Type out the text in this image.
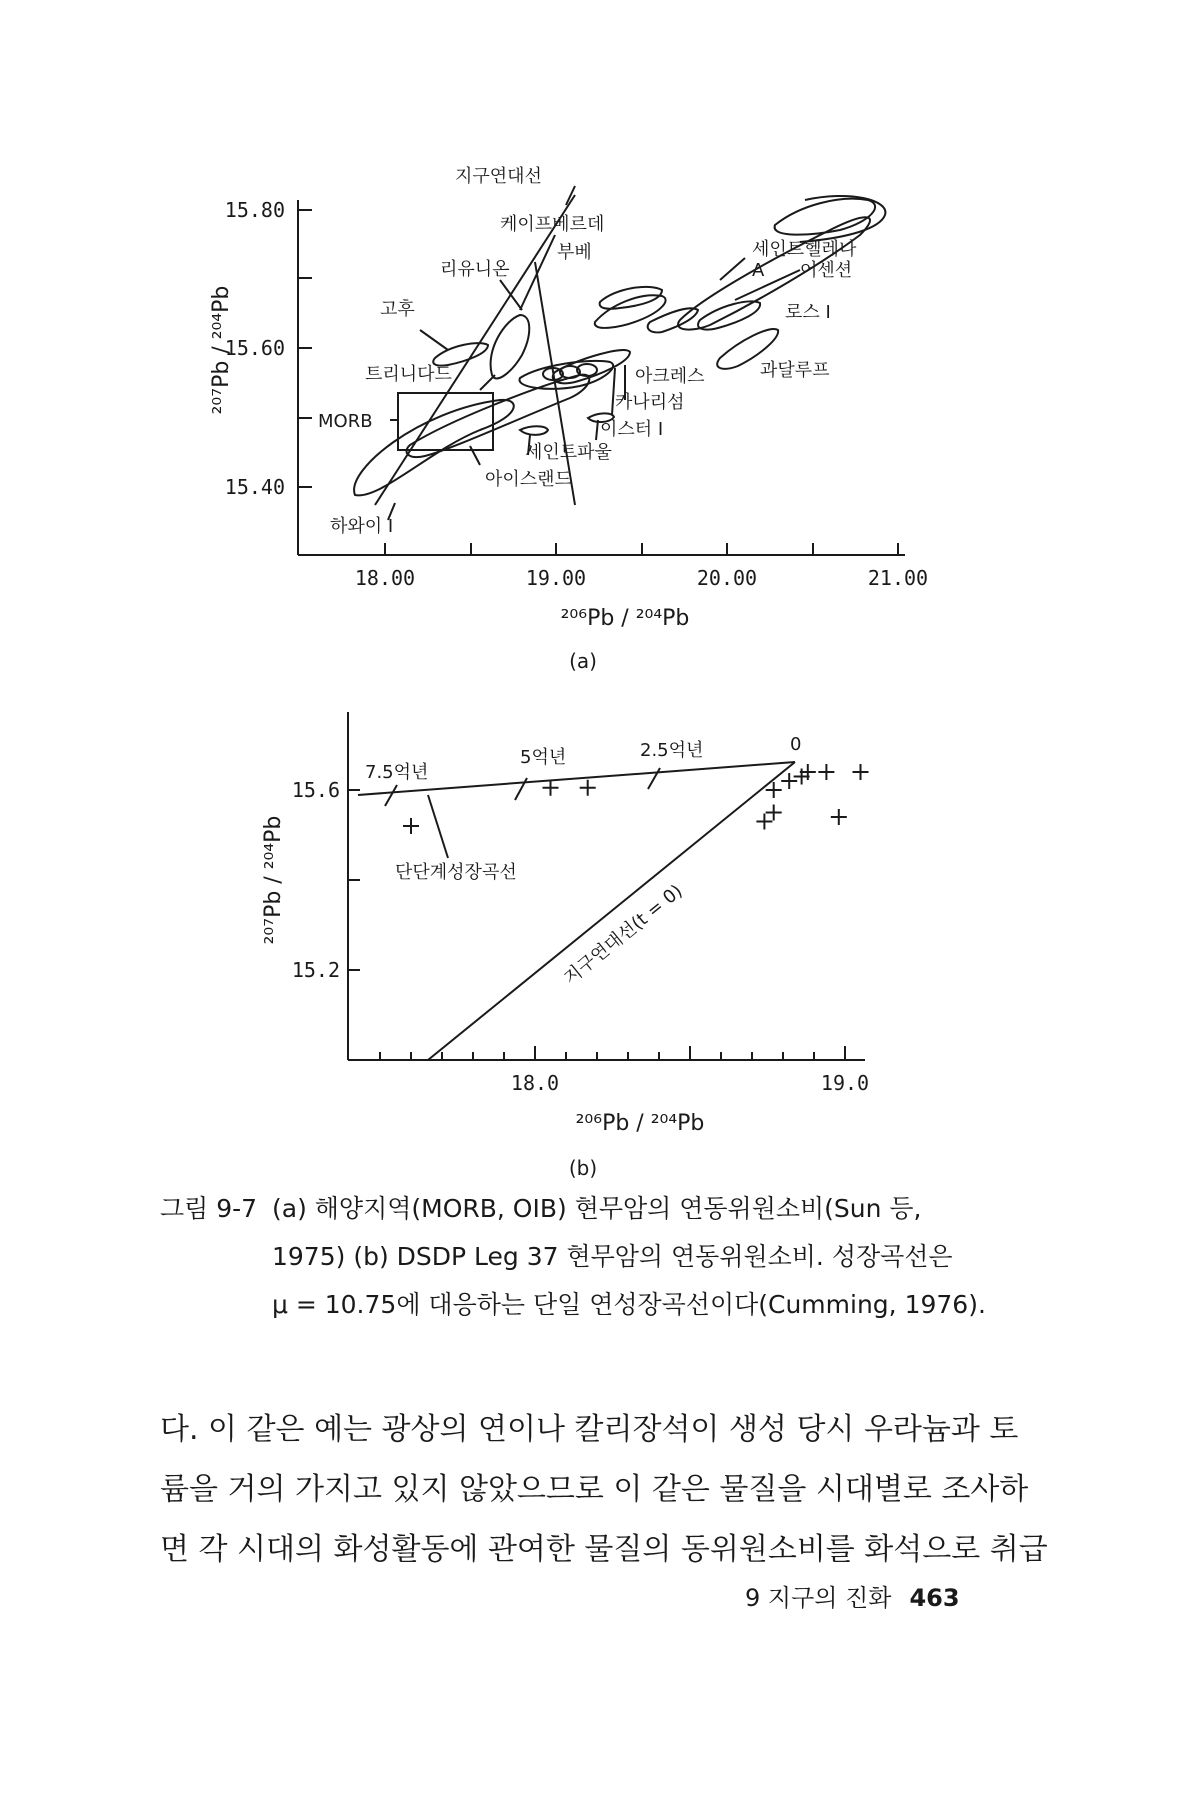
15.80
15.60
15.40
18.00	19.00	20.00	21.00
²⁰⁷Pb / ²⁰⁴Pb
²⁰⁶Pb / ²⁰⁴Pb
(a)
지구연대선
케이프베르데
부베
리유니온
고후
트리니다드
MORB
세인트헬레나
A 어센션
로스 I
아크레스	과달루프
카나리섬
이스터 I
세인트파울
아이스랜드
하와이 I
15.6
15.2
18.0	19.0
²⁰⁷Pb / ²⁰⁴Pb
²⁰⁶Pb / ²⁰⁴Pb
(b)
7.5억년
5억년	2.5억년	0
단단계성장곡선
지구연대선(t = 0)
그림 9-7 (a) 해양지역(MORB, OIB) 현무암의 연동위원소비(Sun 등,
1975) (b) DSDP Leg 37 현무암의 연동위원소비. 성장곡선은
μ = 10.75에 대응하는 단일 연성장곡선이다(Cumming, 1976).
다. 이 같은 예는 광상의 연이나 칼리장석이 생성 당시 우라늄과 토
륨을 거의 가지고 있지 않았으므로 이 같은 물질을 시대별로 조사하
면 각 시대의 화성활동에 관여한 물질의 동위원소비를 화석으로 취급
9 지구의 진화 463
